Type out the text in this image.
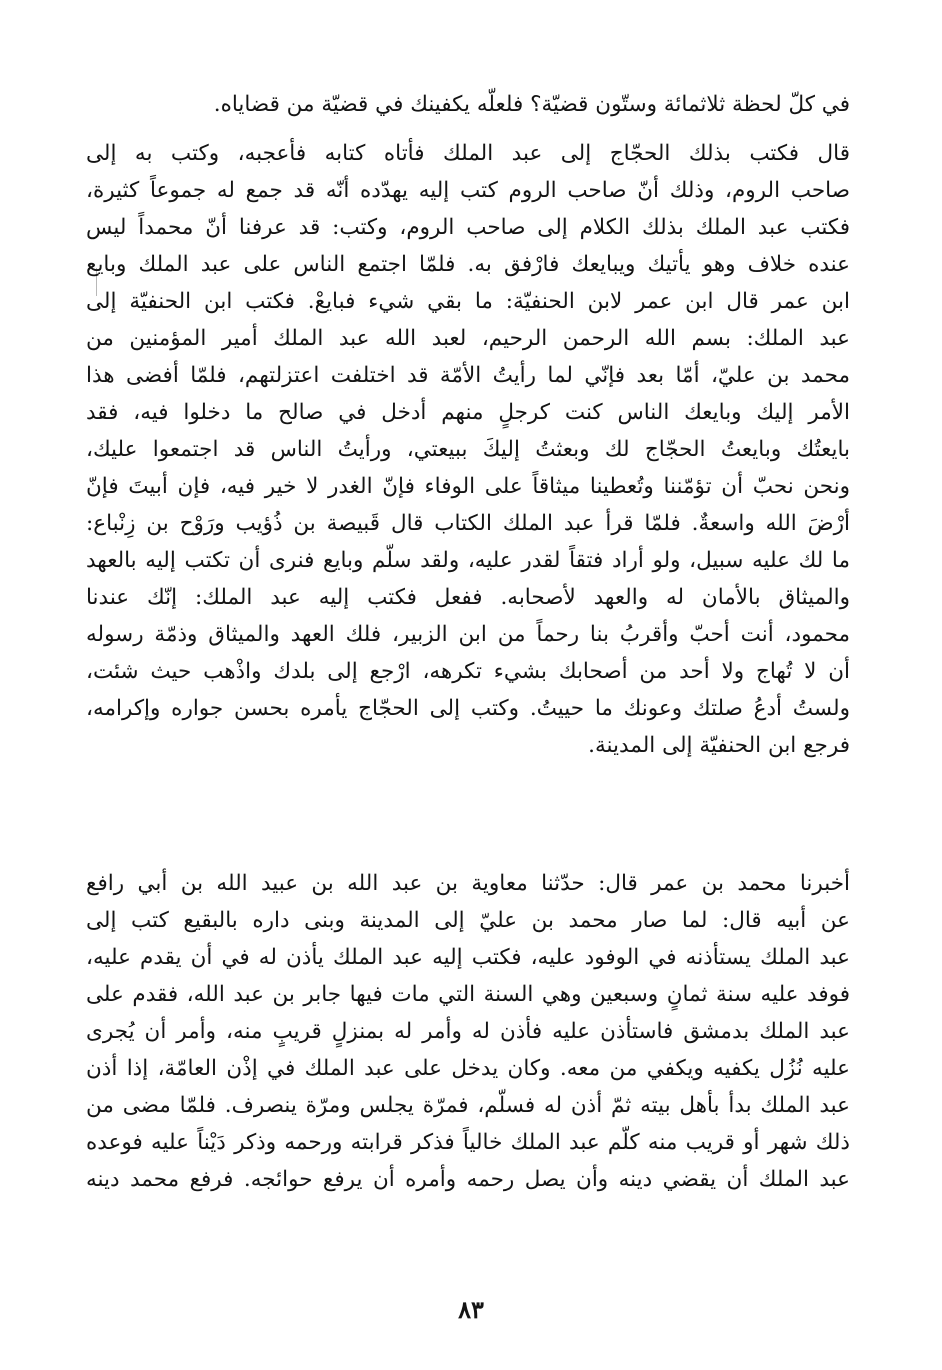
في كلّ لحظة ثلاثمائة وستّون قضيّة؟ فلعلّه يكفينك في قضيّة من قضاياه.
قال فكتب بذلك الحجّاج إلى عبد الملك فأتاه كتابه فأعجبه، وكتب به إلى
صاحب الروم، وذلك أنّ صاحب الروم كتب إليه يهدّده أنّه قد جمع له جموعاً كثيرة،
فكتب عبد الملك بذلك الكلام إلى صاحب الروم، وكتب: قد عرفنا أنّ محمداً ليس
عنده خلاف وهو يأتيك ويبايعك فارْفق به. فلمّا اجتمع الناس على عبد الملك وبايع
ابن عمر قال ابن عمر لابن الحنفيّة: ما بقي شيء فبايعْ. فكتب ابن الحنفيّة إلى
عبد الملك: بسم الله الرحمن الرحيم، لعبد الله عبد الملك أمير المؤمنين من
محمد بن عليّ، أمّا بعد فإنّي لما رأيتُ الأمّة قد اختلفت اعتزلتهم، فلمّا أفضى هذا
الأمر إليك وبايعك الناس كنت كرجلٍ منهم أدخل في صالح ما دخلوا فيه، فقد
بايعتُك وبايعتُ الحجّاج لك وبعثتُ إليكَ ببيعتي، ورأيتُ الناس قد اجتمعوا عليك،
ونحن نحبّ أن تؤمّننا وتُعطينا ميثاقاً على الوفاء فإنّ الغدر لا خير فيه، فإن أبيتَ فإنّ
أرْضَ الله واسعةٌ. فلمّا قرأ عبد الملك الكتاب قال قَبيصة بن ذُؤيب ورَوْح بن زِنْباع:
ما لك عليه سبيل، ولو أراد فتقاً لقدر عليه، ولقد سلّم وبايع فنرى أن تكتب إليه بالعهد
والميثاق بالأمان له والعهد لأصحابه. ففعل فكتب إليه عبد الملك: إنّك عندنا
محمود، أنت أحبّ وأقربُ بنا رحماً من ابن الزبير، فلك العهد والميثاق وذمّة رسوله
أن لا تُهاج ولا أحد من أصحابك بشيء تكرهه، ارْجع إلى بلدك واذْهب حيث شئت،
ولستُ أدعُ صلتك وعونك ما حييتُ. وكتب إلى الحجّاج يأمره بحسن جواره وإكرامه،
فرجع ابن الحنفيّة إلى المدينة.
أخبرنا محمد بن عمر قال: حدّثنا معاوية بن عبد الله بن عبيد الله بن أبي رافع
عن أبيه قال: لما صار محمد بن عليّ إلى المدينة وبنى داره بالبقيع كتب إلى
عبد الملك يستأذنه في الوفود عليه، فكتب إليه عبد الملك يأذن له في أن يقدم عليه،
فوفد عليه سنة ثمانٍ وسبعين وهي السنة التي مات فيها جابر بن عبد الله، فقدم على
عبد الملك بدمشق فاستأذن عليه فأذن له وأمر له بمنزلٍ قريبٍ منه، وأمر أن يُجرى
عليه نُزُل يكفيه ويكفي من معه. وكان يدخل على عبد الملك في إذْن العامّة، إذا أذن
عبد الملك بدأ بأهل بيته ثمّ أذن له فسلّم، فمرّة يجلس ومرّة ينصرف. فلمّا مضى من
ذلك شهر أو قريب منه كلّم عبد الملك خالياً فذكر قرابته ورحمه وذكر دَيْناً عليه فوعده
عبد الملك أن يقضي دينه وأن يصل رحمه وأمره أن يرفع حوائجه. فرفع محمد دينه
٨٣
